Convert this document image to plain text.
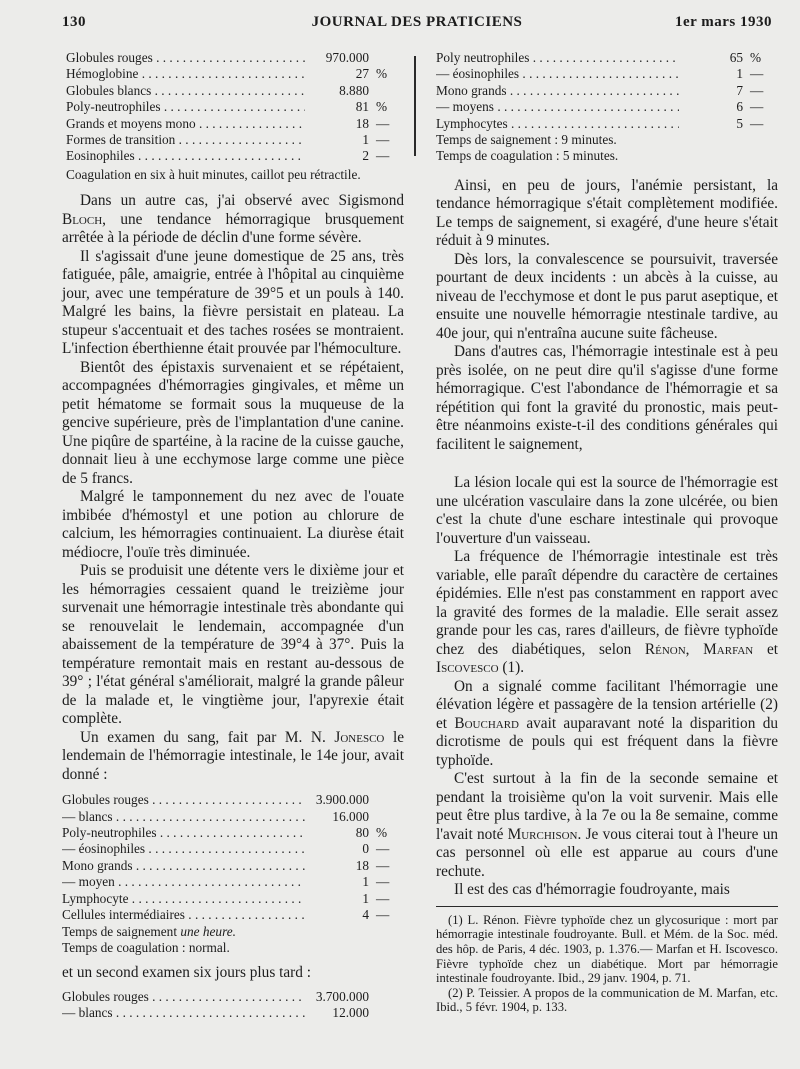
130	JOURNAL DES PRATICIENS	1er mars 1930
Globules rouges . . .	970.000	
Hémoglobine . . .	27	%
Globules blancs . . .	8.880	
Poly-neutrophiles . . .	81	%
Grands et moyens mono . . .	18	—
Formes de transition . . .	1	—
Eosinophiles . . .	2	—
Coagulation en six à huit minutes, caillot peu rétractile.

Dans un autre cas, j'ai observé avec Sigismond Bloch, une tendance hémorragique brusquement arrêtée à la période de déclin d'une forme sévère.

Il s'agissait d'une jeune domestique de 25 ans, très fatiguée, pâle, amaigrie, entrée à l'hôpital au cinquième jour, avec une température de 39°5 et un pouls à 140. Malgré les bains, la fièvre persistait en plateau. La stupeur s'accentuait et des taches rosées se montraient. L'infection éberthienne était prouvée par l'hémoculture.

Bientôt des épistaxis survenaient et se répétaient, accompagnées d'hémorragies gingivales, et même un petit hématome se formait sous la muqueuse de la gencive supérieure, près de l'implantation d'une canine. Une piqûre de spartéine, à la racine de la cuisse gauche, donnait lieu à une ecchymose large comme une pièce de 5 francs.

Malgré le tamponnement du nez avec de l'ouate imbibée d'hémostyl et une potion au chlorure de calcium, les hémorragies continuaient. La diurèse était médiocre, l'ouïe très diminuée.

Puis se produisit une détente vers le dixième jour et les hémorragies cessaient quand le treizième jour survenait une hémorragie intestinale très abondante qui se renouvelait le lendemain, accompagnée d'un abaissement de la température de 39°4 à 37°. Puis la température remontait mais en restant au-dessous de 39° ; l'état général s'améliorait, malgré la grande pâleur de la malade et, le vingtième jour, l'apyrexie était complète.

Un examen du sang, fait par M. N. Jonesco le lendemain de l'hémorragie intestinale, le 14e jour, avait donné :

Globules rouges . . .	3.900.000	
— blancs . . .	16.000	
Poly-neutrophiles . . .	80	%
— éosinophiles . . .	0	—
Mono grands . . .	18	—
— moyen . . .	1	—
Lymphocyte . . .	1	—
Cellules intermédiaires . . .	4	—
Temps de saignement une heure.
Temps de coagulation : normal.

et un second examen six jours plus tard :

Globules rouges . . .	3.700.000	
— blancs . . .	12.000	
Poly neutrophiles . . .	65	%
— éosinophiles . . .	1	—
Mono grands . . .	7	—
— moyens . . .	6	—
Lymphocytes . . .	5	—
Temps de saignement : 9 minutes.
Temps de coagulation : 5 minutes.

Ainsi, en peu de jours, l'anémie persistant, la tendance hémorragique s'était complètement modifiée. Le temps de saignement, si exagéré, d'une heure s'était réduit à 9 minutes.

Dès lors, la convalescence se poursuivit, traversée pourtant de deux incidents : un abcès à la cuisse, au niveau de l'ecchymose et dont le pus parut aseptique, et ensuite une nouvelle hémorragie ntestinale tardive, au 40e jour, qui n'entraîna aucune suite fâcheuse.

Dans d'autres cas, l'hémorragie intestinale est à peu près isolée, on ne peut dire qu'il s'agisse d'une forme hémorragique. C'est l'abondance de l'hémorragie et sa répétition qui font la gravité du pronostic, mais peut-être néanmoins existe-t-il des conditions générales qui facilitent le saignement,

La lésion locale qui est la source de l'hémorragie est une ulcération vasculaire dans la zone ulcérée, ou bien c'est la chute d'une eschare intestinale qui provoque l'ouverture d'un vaisseau.

La fréquence de l'hémorragie intestinale est très variable, elle paraît dépendre du caractère de certaines épidémies. Elle n'est pas constamment en rapport avec la gravité des formes de la maladie. Elle serait assez grande pour les cas, rares d'ailleurs, de fièvre typhoïde chez des diabétiques, selon Rénon, Marfan et Iscovesco (1).

On a signalé comme facilitant l'hémorragie une élévation légère et passagère de la tension artérielle (2) et Bouchard avait auparavant noté la disparition du dicrotisme de pouls qui est fréquent dans la fièvre typhoïde.

C'est surtout à la fin de la seconde semaine et pendant la troisième qu'on la voit survenir. Mais elle peut être plus tardive, à la 7e ou la 8e semaine, comme l'avait noté Murchison. Je vous citerai tout à l'heure un cas personnel où elle est apparue au cours d'une rechute.

Il est des cas d'hémorragie foudroyante, mais

(1) L. Rénon. Fièvre typhoïde chez un glycosurique : mort par hémorragie intestinale foudroyante. Bull. et Mém. de la Soc. méd. des hôp. de Paris, 4 déc. 1903, p. 1.376.— Marfan et H. Iscovesco. Fièvre typhoïde chez un diabétique. Mort par hémorragie intestinale foudroyante. Ibid., 29 janv. 1904, p. 71.

(2) P. Teissier. A propos de la communication de M. Marfan, etc. Ibid., 5 févr. 1904, p. 133.
